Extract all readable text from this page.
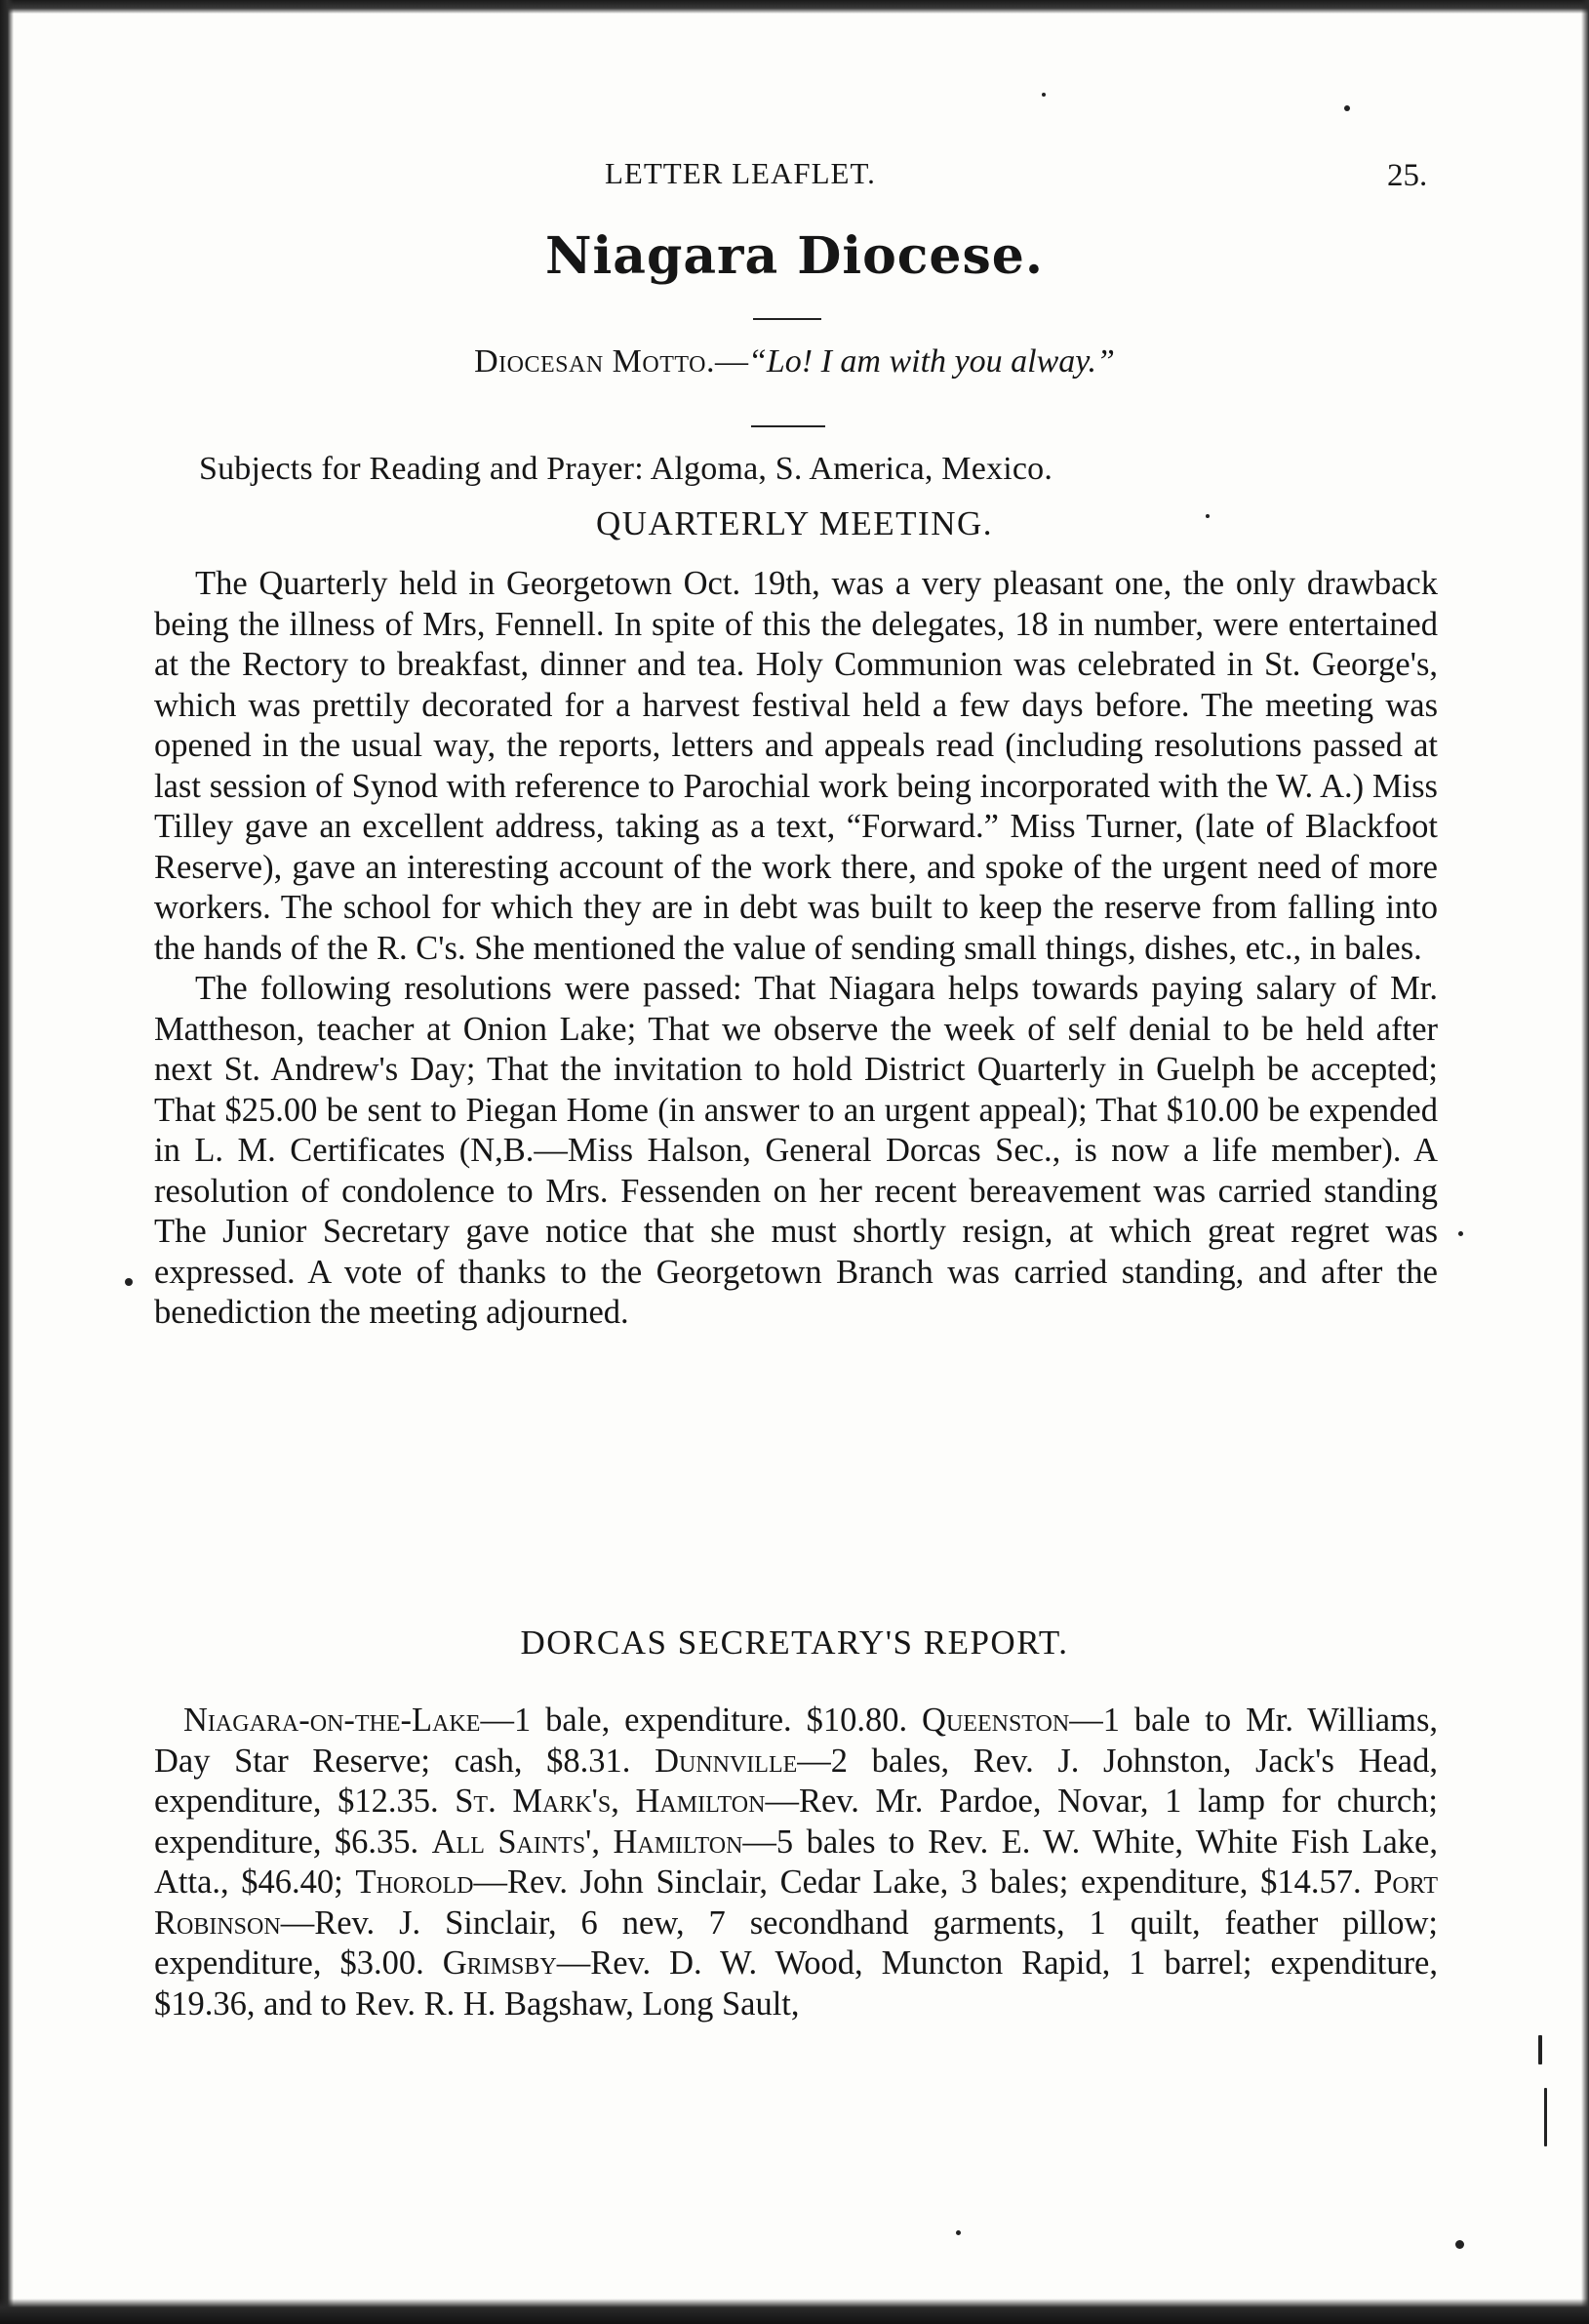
LETTER LEAFLET.	25.
Niagara Diocese.
Diocesan Motto.—“Lo! I am with you alway.”
Subjects for Reading and Prayer: Algoma, S. America, Mexico.
QUARTERLY MEETING.

The Quarterly held in Georgetown Oct. 19th, was a very pleasant one, the only drawback being the illness of Mrs, Fennell. In spite of this the delegates, 18 in number, were entertained at the Rectory to breakfast, dinner and tea. Holy Communion was celebrated in St. George's, which was prettily decorated for a harvest festival held a few days before. The meeting was opened in the usual way, the reports, letters and appeals read (including resolutions passed at last session of Synod with reference to Parochial work being incorporated with the W. A.) Miss Tilley gave an excellent address, taking as a text, “Forward.” Miss Turner, (late of Blackfoot Reserve), gave an interesting account of the work there, and spoke of the urgent need of more workers. The school for which they are in debt was built to keep the reserve from falling into the hands of the R. C's. She mentioned the value of sending small things, dishes, etc., in bales.

The following resolutions were passed: That Niagara helps towards paying salary of Mr. Mattheson, teacher at Onion Lake; That we observe the week of self denial to be held after next St. Andrew's Day; That the invitation to hold District Quarterly in Guelph be accepted; That $25.00 be sent to Piegan Home (in answer to an urgent appeal); That $10.00 be expended in L. M. Certificates (N,B.—Miss Halson, General Dorcas Sec., is now a life member). A resolution of condolence to Mrs. Fessenden on her recent bereavement was carried standing The Junior Secretary gave notice that she must shortly resign, at which great regret was expressed. A vote of thanks to the Georgetown Branch was carried standing, and after the benediction the meeting adjourned.

DORCAS SECRETARY'S REPORT.

Niagara-on-the-Lake—1 bale, expenditure. $10.80. Queenston—1 bale to Mr. Williams, Day Star Reserve; cash, $8.31. Dunnville—2 bales, Rev. J. Johnston, Jack's Head, expenditure, $12.35. St. Mark's, Hamilton—Rev. Mr. Pardoe, Novar, 1 lamp for church; expenditure, $6.35. All Saints', Hamilton—5 bales to Rev. E. W. White, White Fish Lake, Atta., $46.40; Thorold—Rev. John Sinclair, Cedar Lake, 3 bales; expenditure, $14.57. Port Robinson—Rev. J. Sinclair, 6 new, 7 secondhand garments, 1 quilt, feather pillow; expenditure, $3.00. Grimsby—Rev. D. W. Wood, Muncton Rapid, 1 barrel; expenditure, $19.36, and to Rev. R. H. Bagshaw, Long Sault,
